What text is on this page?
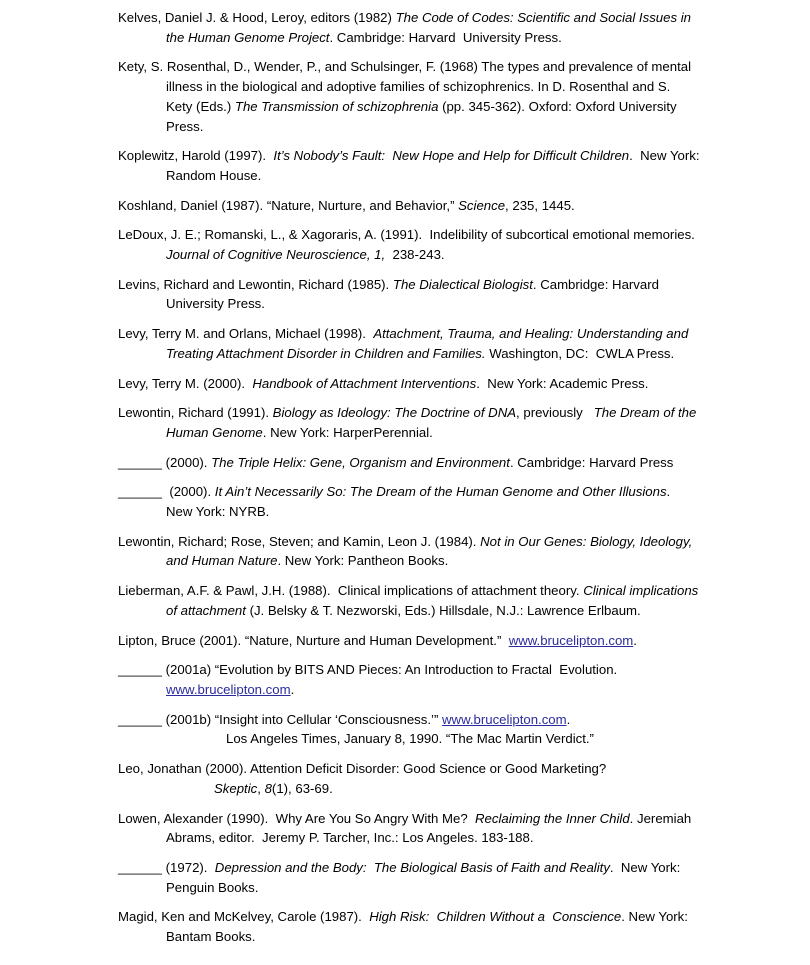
Kelves, Daniel J. & Hood, Leroy, editors (1982) The Code of Codes: Scientific and Social Issues in the Human Genome Project. Cambridge: Harvard  University Press.

Kety, S. Rosenthal, D., Wender, P., and Schulsinger, F. (1968) The types and prevalence of mental illness in the biological and adoptive families of schizophrenics. In D. Rosenthal and S. Kety (Eds.) The Transmission of schizophrenia (pp. 345-362). Oxford: Oxford University Press.

Koplewitz, Harold (1997).  It’s Nobody’s Fault:  New Hope and Help for Difficult Children.  New York:  Random House.

Koshland, Daniel (1987). “Nature, Nurture, and Behavior,” Science, 235, 1445.

LeDoux, J. E.; Romanski, L., & Xagoraris, A. (1991).  Indelibility of subcortical emotional memories. Journal of Cognitive Neuroscience, 1,  238-243.

Levins, Richard and Lewontin, Richard (1985). The Dialectical Biologist. Cambridge: Harvard University Press.

Levy, Terry M. and Orlans, Michael (1998).  Attachment, Trauma, and Healing: Understanding and Treating Attachment Disorder in Children and Families. Washington, DC:  CWLA Press.

Levy, Terry M. (2000).  Handbook of Attachment Interventions.  New York: Academic Press.

Lewontin, Richard (1991). Biology as Ideology: The Doctrine of DNA, previously   The Dream of the Human Genome. New York: HarperPerennial.

______ (2000). The Triple Helix: Gene, Organism and Environment. Cambridge: Harvard Press

______  (2000). It Ain’t Necessarily So: The Dream of the Human Genome and Other Illusions. New York: NYRB.

Lewontin, Richard; Rose, Steven; and Kamin, Leon J. (1984). Not in Our Genes: Biology, Ideology, and Human Nature. New York: Pantheon Books.

Lieberman, A.F. & Pawl, J.H. (1988).  Clinical implications of attachment theory. Clinical implications of attachment (J. Belsky & T. Nezworski, Eds.) Hillsdale, N.J.: Lawrence Erlbaum.

Lipton, Bruce (2001). “Nature, Nurture and Human Development.”  www.brucelipton.com.

______ (2001a) “Evolution by BITS AND Pieces: An Introduction to Fractal  Evolution. www.brucelipton.com.

______ (2001b) “Insight into Cellular ‘Consciousness.’” www.brucelipton.com.

Los Angeles Times, January 8, 1990. “The Mac Martin Verdict.”

Leo, Jonathan (2000). Attention Deficit Disorder: Good Science or Good Marketing?

Skeptic, 8(1), 63-69.

Lowen, Alexander (1990).  Why Are You So Angry With Me?  Reclaiming the Inner Child. Jeremiah Abrams, editor.  Jeremy P. Tarcher, Inc.: Los Angeles. 183-188.

______ (1972).  Depression and the Body:  The Biological Basis of Faith and Reality.  New York:  Penguin Books.

Magid, Ken and McKelvey, Carole (1987).  High Risk:  Children Without a  Conscience. New York:  Bantam Books.
